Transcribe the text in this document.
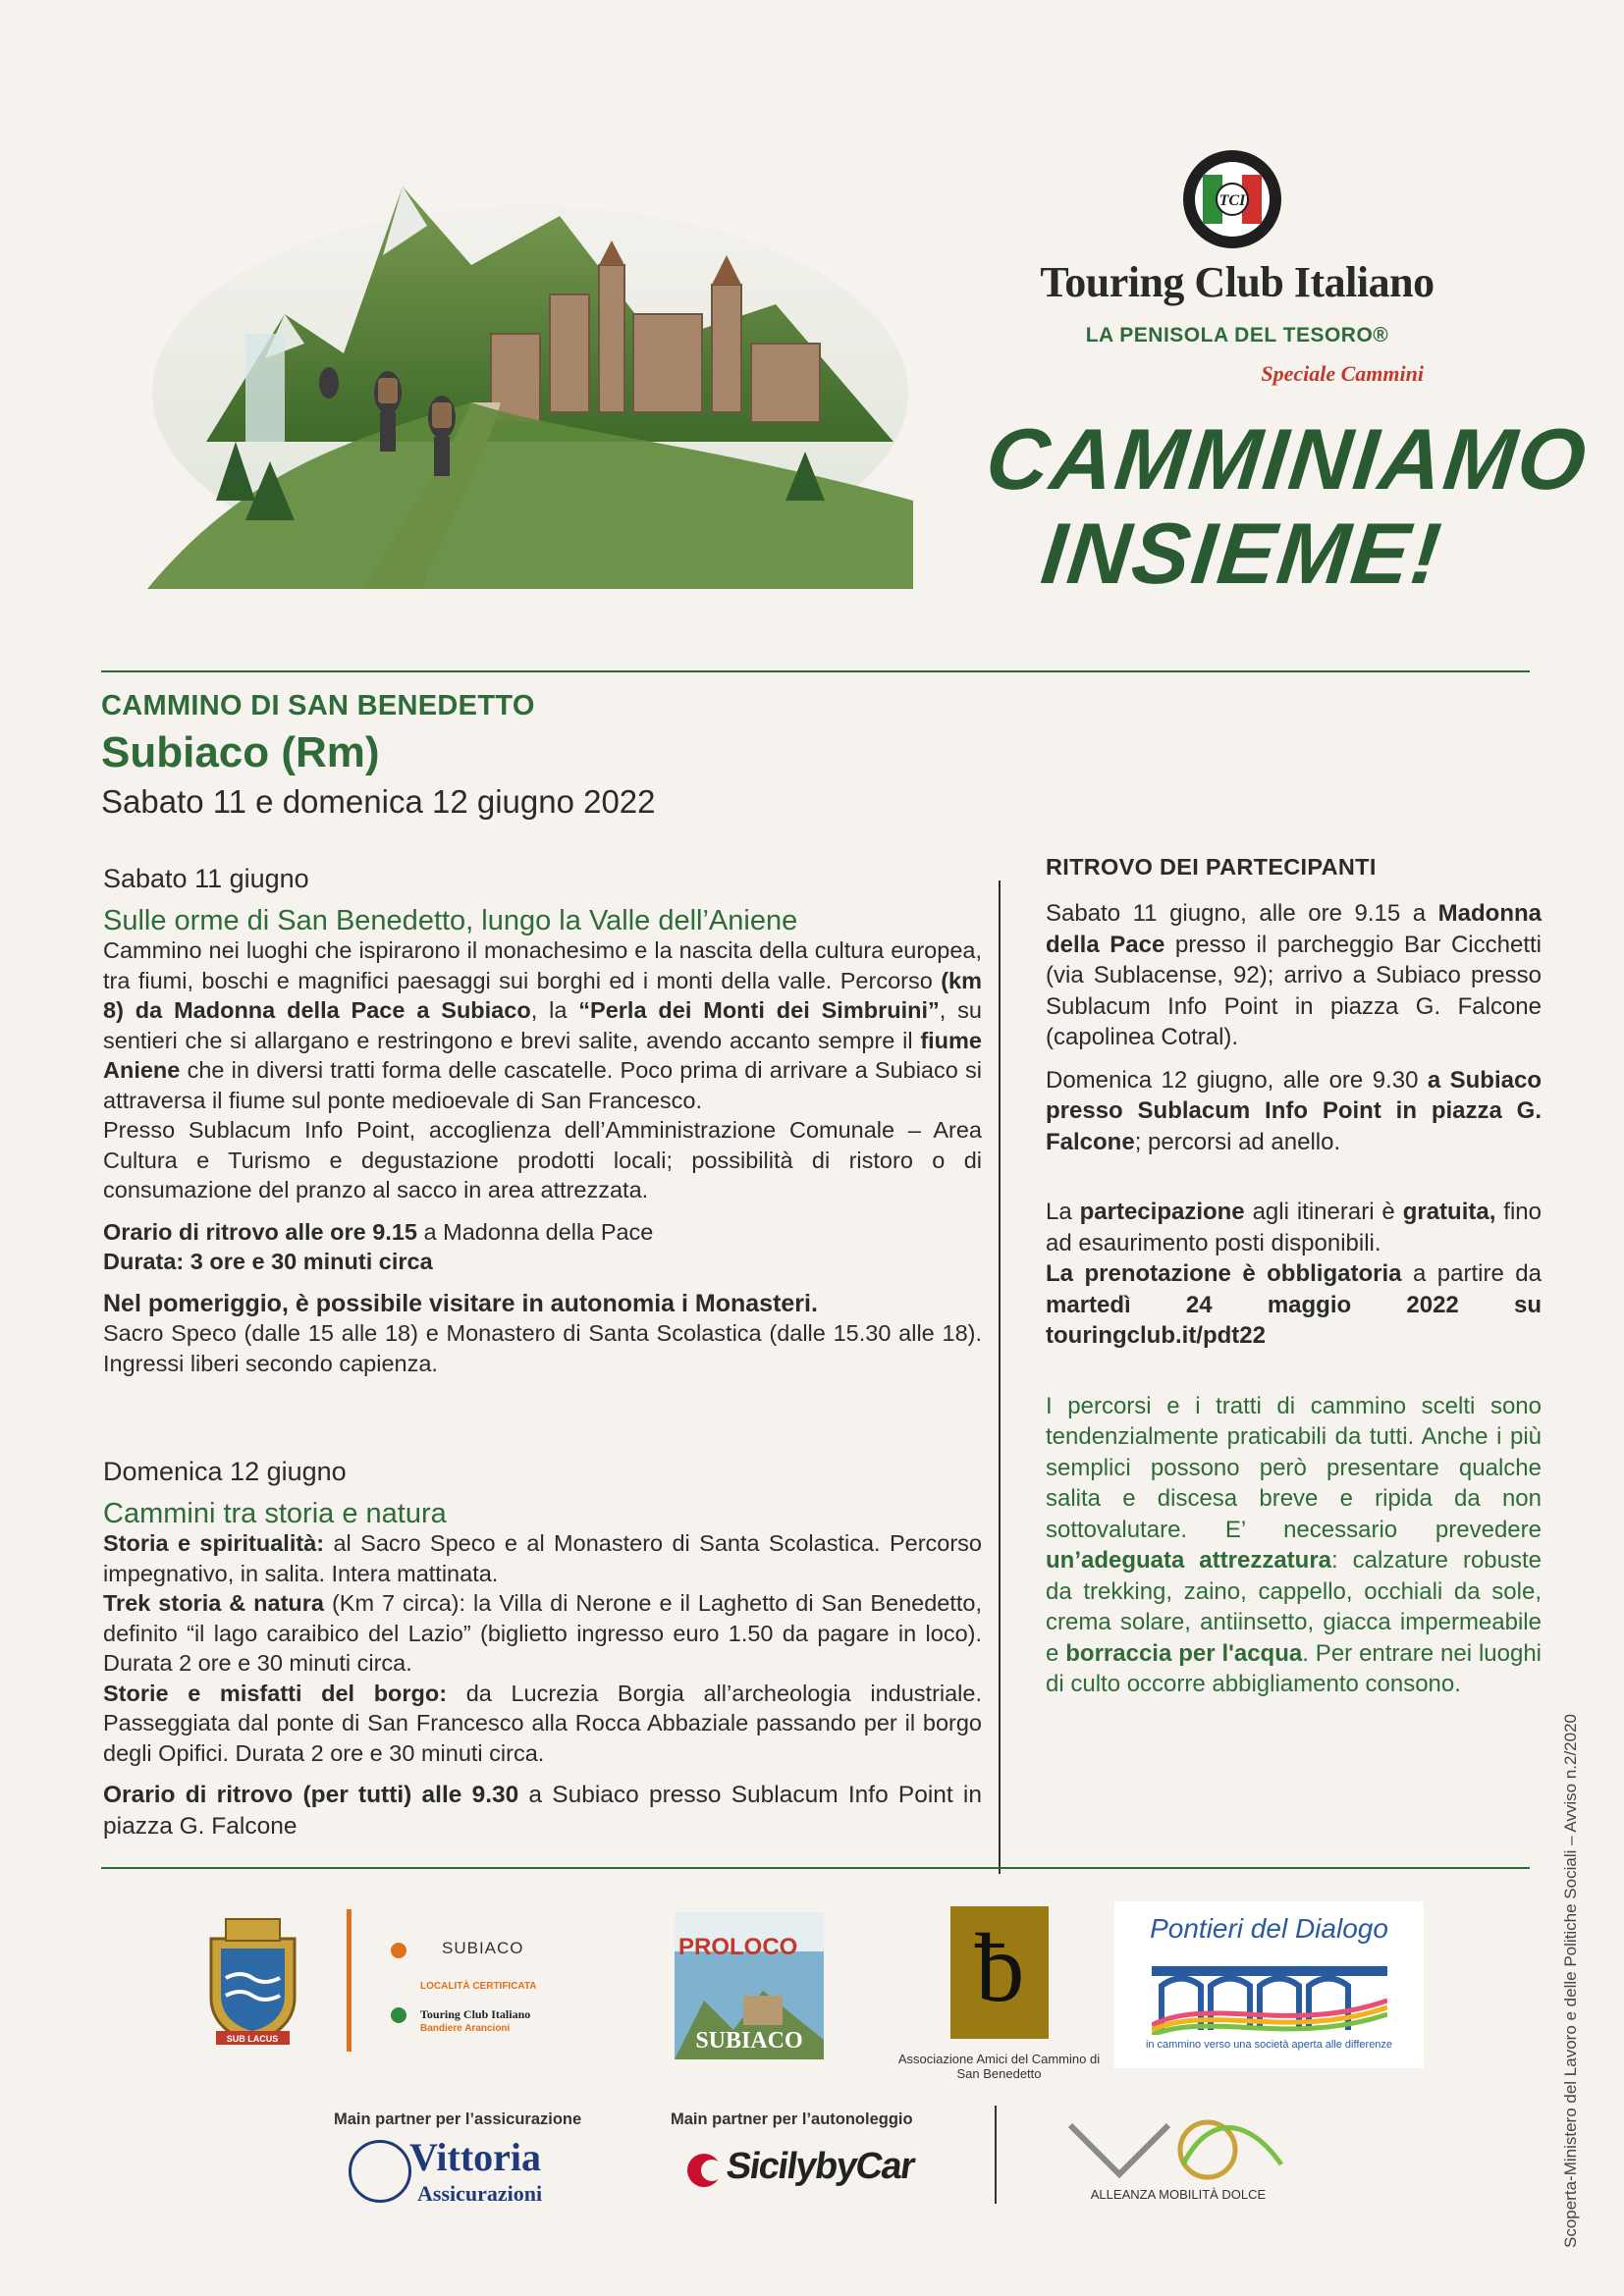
TCI
Touring Club Italiano
LA PENISOLA DEL TESORO®
Speciale Cammini
CAMMINIAMO
INSIEME!
CAMMINO DI SAN BENEDETTO
Subiaco (Rm)
Sabato 11 e domenica 12 giugno 2022

Sabato 11 giugno

Sulle orme di San Benedetto, lungo la Valle dell’Aniene

Cammino nei luoghi che ispirarono il monachesimo e la nascita della cultura europea, tra fiumi, boschi e magnifici paesaggi sui borghi ed i monti della valle. Percorso (km 8) da Madonna della Pace a Subiaco, la “Perla dei Monti dei Simbruini”, su sentieri che si allargano e restringono e brevi salite, avendo accanto sempre il fiume Aniene che in diversi tratti forma delle cascatelle. Poco prima di arrivare a Subiaco si attraversa il fiume sul ponte medioevale di San Francesco.

Presso Sublacum Info Point, accoglienza dell’Amministrazione Comunale – Area Cultura e Turismo e degustazione prodotti locali; possibilità di ristoro o di consumazione del pranzo al sacco in area attrezzata.

Orario di ritrovo alle ore 9.15 a Madonna della Pace

Durata: 3 ore e 30 minuti circa

Nel pomeriggio, è possibile visitare in autonomia i Monasteri.

Sacro Speco (dalle 15 alle 18) e Monastero di Santa Scolastica (dalle 15.30 alle 18). Ingressi liberi secondo capienza.

Domenica 12 giugno

Cammini tra storia e natura

Storia e spiritualità: al Sacro Speco e al Monastero di Santa Scolastica. Percorso impegnativo, in salita. Intera mattinata.

Trek storia & natura (Km 7 circa): la Villa di Nerone e il Laghetto di San Benedetto, definito “il lago caraibico del Lazio” (biglietto ingresso euro 1.50 da pagare in loco). Durata 2 ore e 30 minuti circa.

Storie e misfatti del borgo: da Lucrezia Borgia all’archeologia industriale. Passeggiata dal ponte di San Francesco alla Rocca Abbaziale passando per il borgo degli Opifici. Durata 2 ore e 30 minuti circa.

Orario di ritrovo (per tutti) alle 9.30 a Subiaco presso Sublacum Info Point in piazza G. Falcone

RITROVO DEI PARTECIPANTI

Sabato 11 giugno, alle ore 9.15 a Madonna della Pace presso il parcheggio Bar Cicchetti (via Sublacense, 92); arrivo a Subiaco presso Sublacum Info Point in piazza G. Falcone (capolinea Cotral).

Domenica 12 giugno, alle ore 9.30 a Subiaco presso Sublacum Info Point in piazza G. Falcone; percorsi ad anello.

La partecipazione agli itinerari è gratuita, fino ad esaurimento posti disponibili.

La prenotazione è obbligatoria a partire da martedì 24 maggio 2022 su touringclub.it/pdt22

I percorsi e i tratti di cammino scelti sono tendenzialmente praticabili da tutti. Anche i più semplici possono però presentare qualche salita e discesa breve e ripida da non sottovalutare. E’ necessario prevedere un’adeguata attrezzatura: calzature robuste da trekking, zaino, cappello, occhiali da sole, crema solare, antiinsetto, giacca impermeabile e borraccia per l'acqua. Per entrare nei luoghi di culto occorre abbigliamento consono.

SUB LACUS
SUBIACO
LOCALITÀ CERTIFICATA
Touring Club Italiano
Bandiere Arancioni
PROLOCO
SUBIACO
ƀ
Associazione Amici del Cammino di San Benedetto
Pontieri del Dialogo
in cammino verso una società aperta alle differenze
Main partner per l’assicurazione
Vittoria
Assicurazioni
Main partner per l’autonoleggio
SicilybyCar
ALLEANZA MOBILITÀ DOLCE	Scoperta-Ministero del Lavoro e delle Politiche Sociali – Avviso n.2/2020
